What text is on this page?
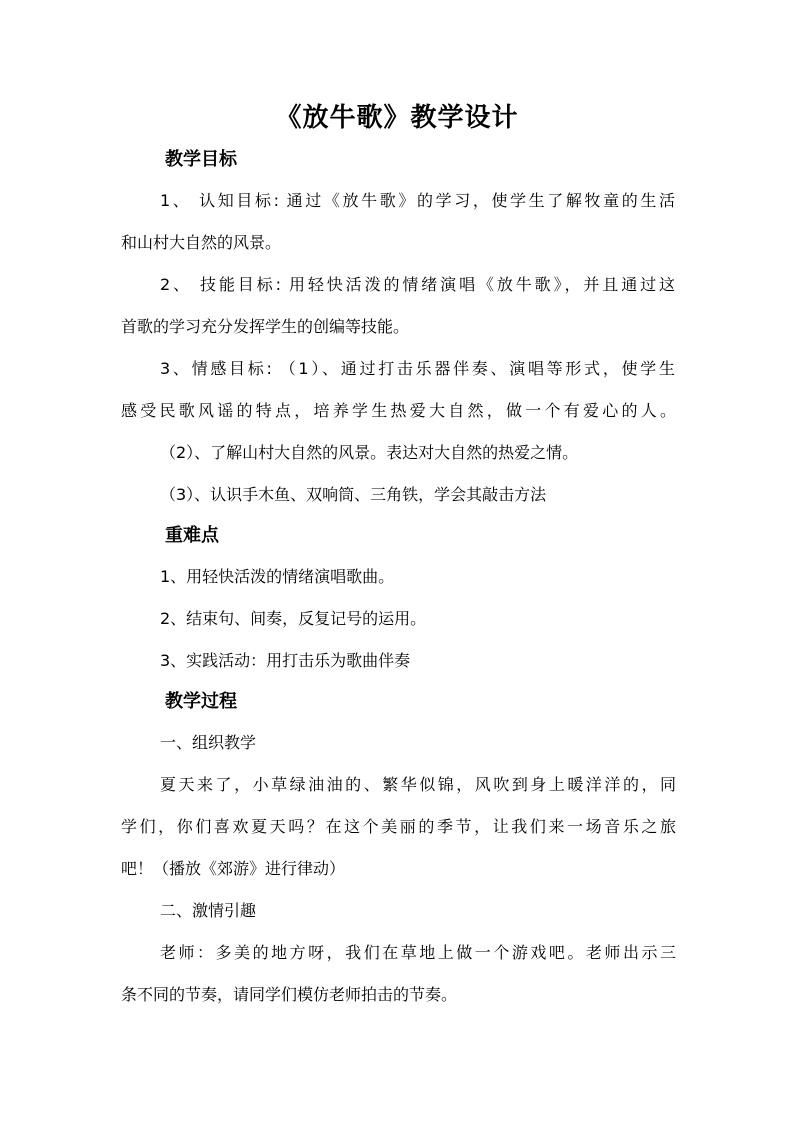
《放牛歌》教学设计
教学目标
1、 认知目标: 通过《放牛歌》的学习，使学生了解牧童的生活
和山村大自然的风景。
2、 技能目标: 用轻快活泼的情绪演唱《放牛歌》，并且通过这
首歌的学习充分发挥学生的创编等技能。
3、情感目标: （1）、通过打击乐器伴奏、演唱等形式，使学生
感受民歌风谣的特点，培养学生热爱大自然，做一个有爱心的人。
（2）、了解山村大自然的风景。表达对大自然的热爱之情。
（3）、认识手木鱼、双响筒、三角铁，学会其敲击方法
重难点
1、用轻快活泼的情绪演唱歌曲。
2、结束句、间奏，反复记号的运用。
3、实践活动：用打击乐为歌曲伴奏
教学过程
一、组织教学
夏天来了，小草绿油油的、繁华似锦，风吹到身上暖洋洋的，同
学们，你们喜欢夏天吗？在这个美丽的季节，让我们来一场音乐之旅
吧！（播放《郊游》进行律动）
二、激情引趣
老师：多美的地方呀，我们在草地上做一个游戏吧。老师出示三
条不同的节奏，请同学们模仿老师拍击的节奏。
